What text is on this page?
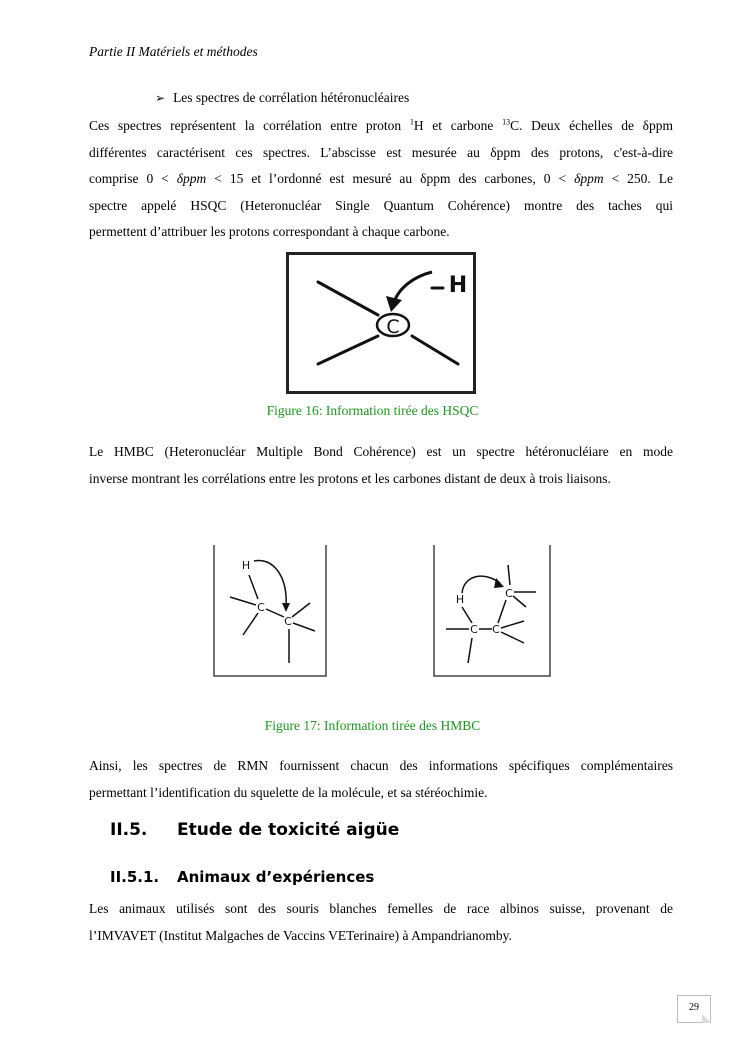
Partie II Matériels et méthodes
➢ Les spectres de corrélation hétéronucléaires
Ces spectres représentent la corrélation entre proton $^1$H et carbone $^{13}$C. Deux échelles de δppm
différentes caractérisent ces spectres. L’abscisse est mesurée au δppm des protons, c'est-à-dire
comprise 0 < δppm < 15 et l’ordonné est mesuré au δppm des carbones, 0 < δppm < 250. Le
spectre appelé HSQC (Heteronucléar Single Quantum Cohérence) montre des taches qui
permettent d’attribuer les protons correspondant à chaque carbone.
C
H
Figure 16: Information tirée des HSQC
Le HMBC (Heteronucléar Multiple Bond Cohérence) est un spectre hétéronucléiare en mode
inverse montrant les corrélations entre les protons et les carbones distant de deux à trois liaisons.
H
C
C
C
H
C C
Figure 17: Information tirée des HMBC
Ainsi, les spectres de RMN fournissent chacun des informations spécifiques complémentaires
permettant l’identification du squelette de la molécule, et sa stéréochimie.
II.5. Etude de toxicité aigüe
II.5.1. Animaux d’expériences
Les animaux utilisés sont des souris blanches femelles de race albinos suisse, provenant de
l’IMVAVET (Institut Malgaches de Vaccins VETerinaire) à Ampandrianomby.
29
